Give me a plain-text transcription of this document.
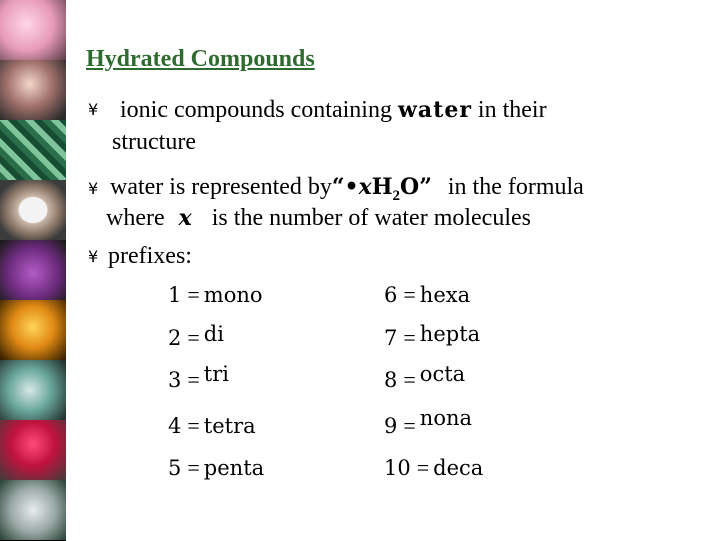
Hydrated Compounds
¥ ionic compounds containing water in their
structure
¥ water is represented $by“•xH_2O$” in the formula
where x is the number of water molecules
¥ prefixes:
1 = mono
2 = di
3 = tri
4 = tetra
5 = penta
6 = hexa
7 = hepta
8 = octa
9 = nona
10 = deca
